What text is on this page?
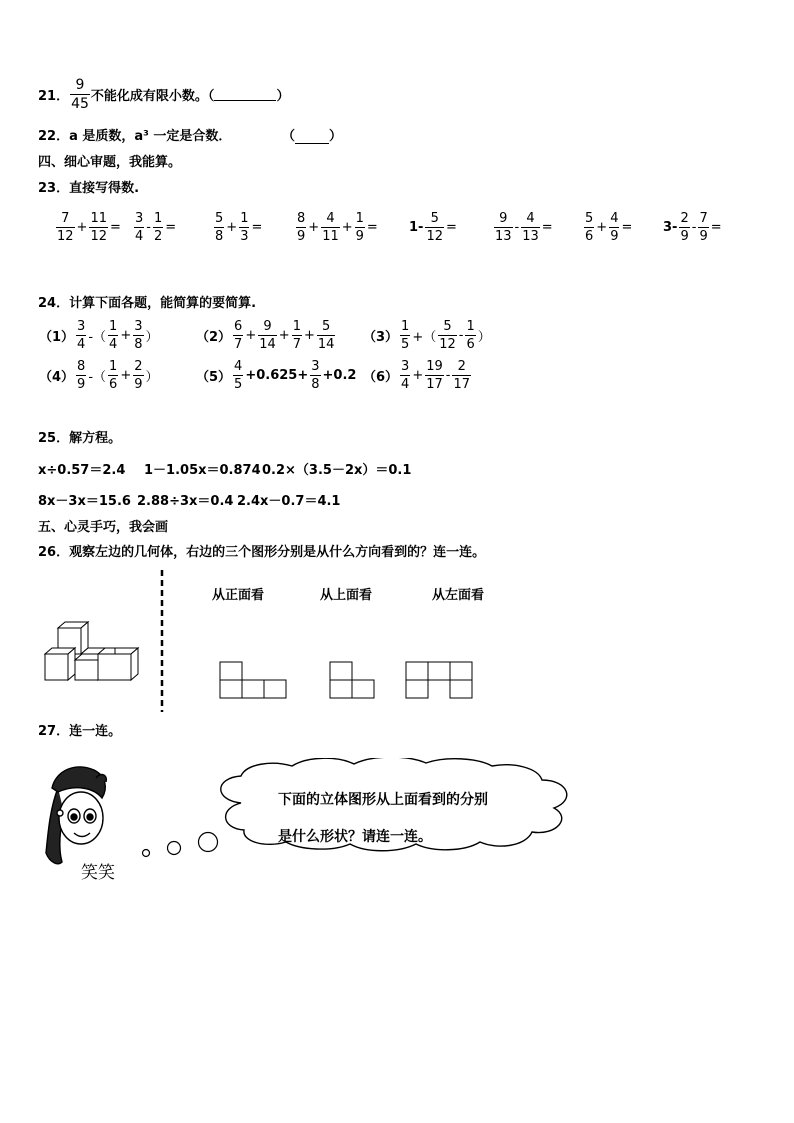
21． $\frac{9}{45}$ 不能化成有限小数。（	）
22．a 是质数，a³ 一定是合数．	（	）
四、细心审题，我能算。
23．直接写得数.
$\frac{7}{12} + \frac{11}{12} = \frac{3}{4} - \frac{1}{2}$ =	$\frac{5}{8} + \frac{1}{3}$ =	$\frac{8}{9} + \frac{4}{11} + \frac{1}{9} = 1- \frac{5}{12}$ =	$\frac{9}{13} - \frac{4}{13} = \frac{5}{6} + \frac{4}{9} = 3- \frac{2}{9} - \frac{7}{9}$ =
24．计算下面各题，能简算的要简算.
$(1) \frac{3}{4}$ -（ $\frac{1}{4} + \frac{3}{8}$ ）	$(2) \frac{6}{7} + \frac{9}{14} + \frac{1}{7} + \frac{5}{14} (3) \frac{1}{5}$ +（ $\frac{5}{12} - \frac{1}{6}$ ）
$(4) \frac{8}{9}$ -（ $\frac{1}{6} + \frac{2}{9}$ ）	$(5) \frac{4}{5} +0.625+ \frac{3}{8} +0.2$ $(6) \frac{3}{4} + \frac{19}{17} - \frac{2}{17}$
25．解方程。
x÷0.57＝2.4 1－1.05x＝0.874 0.2×（3.5－2x）＝0.1
8x－3x＝15.6 2.88÷3x＝0.4 2.4x－0.7＝4.1
五、心灵手巧，我会画
26．观察左边的几何体，右边的三个图形分别是从什么方向看到的？连一连。
从正面看	从上面看	从左面看
27．连一连。
下面的立体图形从上面看到的分别
是什么形状？请连一连。
笑笑
